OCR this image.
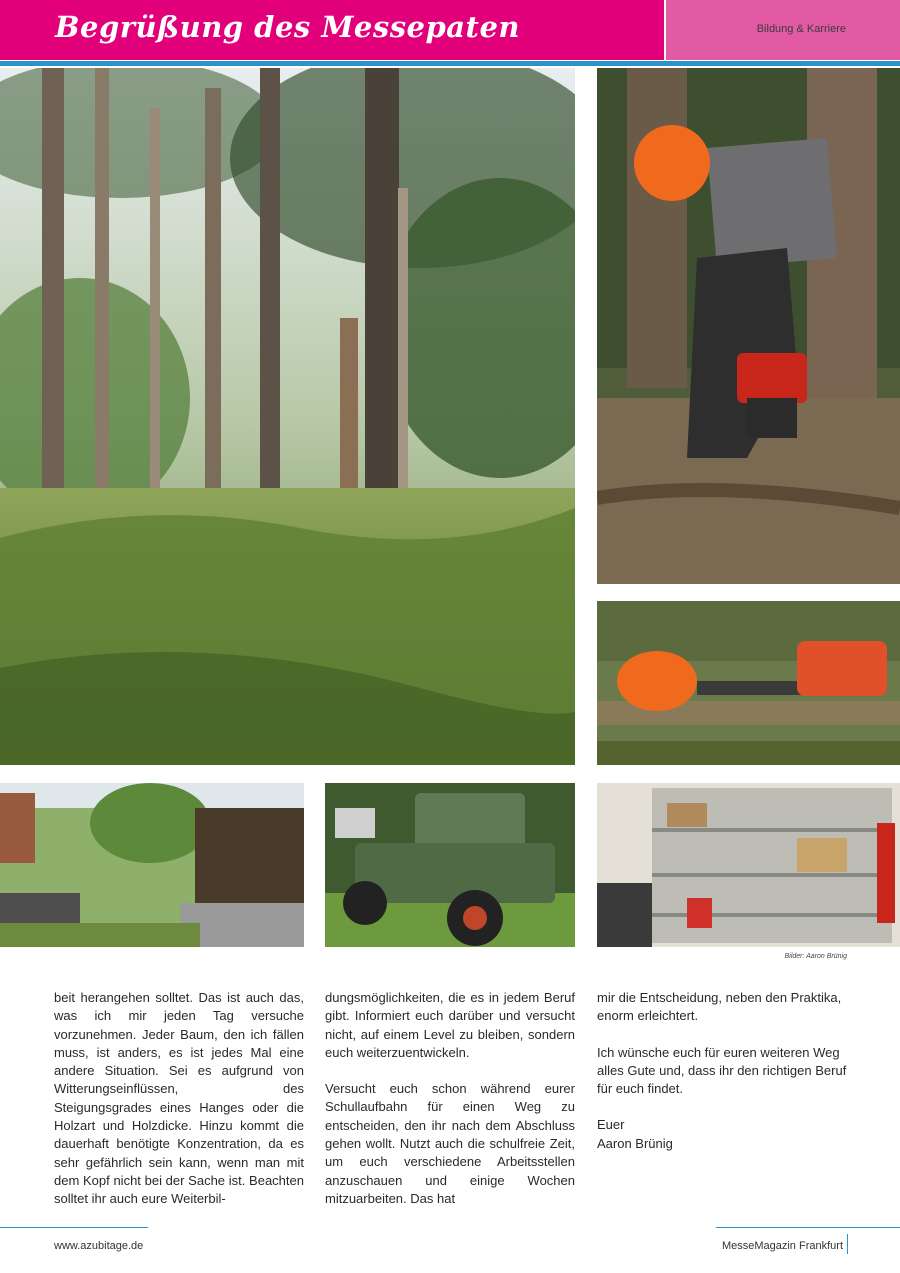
Begrüßung des Messepaten	Bildung & Karriere
Bilder: Aaron Brünig

beit herangehen solltet. Das ist auch das, was ich mir jeden Tag versuche vorzunehmen. Jeder Baum, den ich fällen muss, ist anders, es ist jedes Mal eine andere Situation. Sei es aufgrund von Witterungseinflüssen, des Steigungsgrades eines Hanges oder die Holzart und Holzdicke. Hinzu kommt die dauerhaft benötigte Konzentration, da es sehr gefährlich sein kann, wenn man mit dem Kopf nicht bei der Sache ist. Beachten solltet ihr auch eure Weiterbil-

dungsmöglichkeiten, die es in jedem Beruf gibt. Informiert euch darüber und versucht nicht, auf einem Level zu bleiben, sondern euch weiterzuentwickeln.

Versucht euch schon während eurer Schullaufbahn für einen Weg zu entscheiden, den ihr nach dem Abschluss gehen wollt. Nutzt auch die schulfreie Zeit, um euch verschiedene Arbeitsstellen anzuschauen und einige Wochen mitzuarbeiten. Das hat

mir die Entscheidung, neben den Praktika, enorm erleichtert.

Ich wünsche euch für euren weiteren Weg alles Gute und, dass ihr den richtigen Beruf für euch findet.

Euer
Aaron Brünig
www.azubitage.de	MesseMagazin Frankfurt
